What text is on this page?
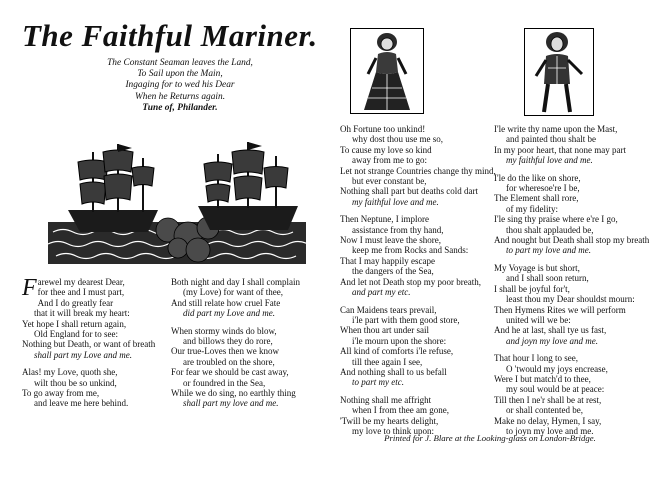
The Faithful Mariner.
The Constant Seaman leaves the Land,
To Sail upon the Main,
Ingaging for to wed his Dear
When he Returns again.
Tune of, Philander.
F arewel my dearest Dear,
for thee and I must part,
And I do greatly fear
that it will break my heart:
Yet hope I shall return again,
Old England for to see:
Nothing but Death, or want of breath
shall part my Love and me.
Alas! my Love, quoth she,
wilt thou be so unkind,
To go away from me,
and leave me here behind.
Both night and day I shall complain
(my Love) for want of thee,
And still relate how cruel Fate
did part my Love and me.
When stormy winds do blow,
and billows they do rore,
Our true-Loves then we know
are troubled on the shore,
For fear we should be cast away,
or foundred in the Sea,
While we do sing, no earthly thing
shall part my love and me.
Oh Fortune too unkind!
why dost thou use me so,
To cause my love so kind
away from me to go:
Let not strange Countries change thy mind,
but ever constant be,
Nothing shall part but deaths cold dart
my faithful love and me.
Then Neptune, I implore
assistance from thy hand,
Now I must leave the shore,
keep me from Rocks and Sands:
That I may happily escape
the dangers of the Sea,
And let not Death stop my poor breath,
and part my etc.
Can Maidens tears prevail,
i'le part with them good store,
When thou art under sail
i'le mourn upon the shore:
All kind of comforts i'le refuse,
till thee again I see,
And nothing shall to us befall
to part my etc.
Nothing shall me affright
when I from thee am gone,
'Twill be my hearts delight,
my love to think upon:
I'le write thy name upon the Mast,
and painted thou shalt be
In my poor heart, that none may part
my faithful love and me.
I'le do the like on shore,
for wheresoe're I be,
The Element shall rore,
of my fidelity:
I'le sing thy praise where e're I go,
thou shalt applauded be,
And nought but Death shall stop my breath
to part my love and me.
My Voyage is but short,
and I shall soon return,
I shall be joyful for't,
least thou my Dear shouldst mourn:
Then Hymens Rites we will perform
united will we be:
And he at last, shall tye us fast,
and joyn my love and me.
That hour I long to see,
O 'twould my joys encrease,
Were I but match'd to thee,
my soul would be at peace:
Till then I ne'r shall be at rest,
or shall contented be,
Make no delay, Hymen, I say,
to joyn my love and me.
Printed for J. Blare at the Looking-glass on London-Bridge.
